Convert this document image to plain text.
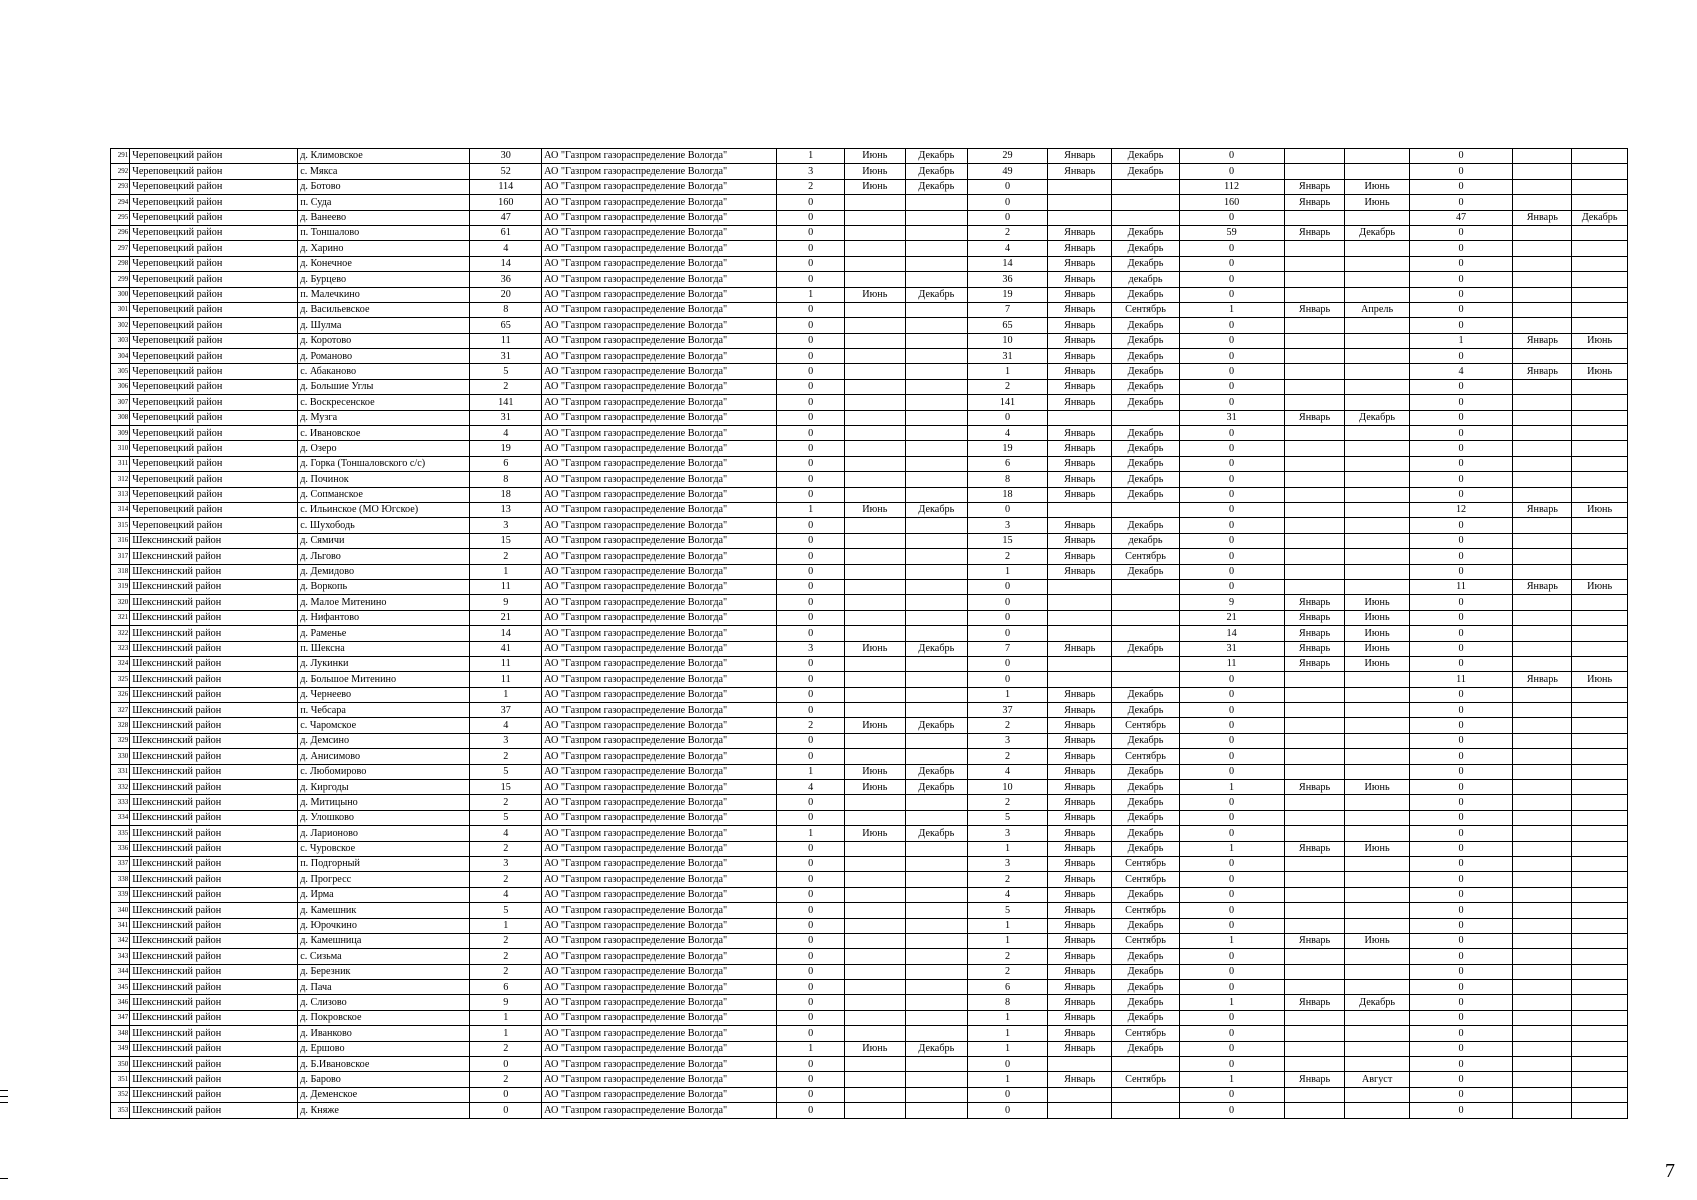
291	Череповецкий район	д. Климовское	30	АО "Газпром газораспределение Вологда"	1	Июнь	Декабрь	29	Январь	Декабрь	0			0		
292	Череповецкий район	с. Мякса	52	АО "Газпром газораспределение Вологда"	3	Июнь	Декабрь	49	Январь	Декабрь	0			0		
293	Череповецкий район	д. Ботово	114	АО "Газпром газораспределение Вологда"	2	Июнь	Декабрь	0			112	Январь	Июнь	0		
294	Череповецкий район	п. Суда	160	АО "Газпром газораспределение Вологда"	0			0			160	Январь	Июнь	0		
295	Череповецкий район	д. Ванеево	47	АО "Газпром газораспределение Вологда"	0			0			0			47	Январь	Декабрь
296	Череповецкий район	п. Тоншалово	61	АО "Газпром газораспределение Вологда"	0			2	Январь	Декабрь	59	Январь	Декабрь	0		
297	Череповецкий район	д. Харино	4	АО "Газпром газораспределение Вологда"	0			4	Январь	Декабрь	0			0		
298	Череповецкий район	д. Конечное	14	АО "Газпром газораспределение Вологда"	0			14	Январь	Декабрь	0			0		
299	Череповецкий район	д. Бурцево	36	АО "Газпром газораспределение Вологда"	0			36	Январь	декабрь	0			0		
300	Череповецкий район	п. Малечкино	20	АО "Газпром газораспределение Вологда"	1	Июнь	Декабрь	19	Январь	Декабрь	0			0		
301	Череповецкий район	д. Васильевское	8	АО "Газпром газораспределение Вологда"	0			7	Январь	Сентябрь	1	Январь	Апрель	0		
302	Череповецкий район	д. Шулма	65	АО "Газпром газораспределение Вологда"	0			65	Январь	Декабрь	0			0		
303	Череповецкий район	д. Коротово	11	АО "Газпром газораспределение Вологда"	0			10	Январь	Декабрь	0			1	Январь	Июнь
304	Череповецкий район	д. Романово	31	АО "Газпром газораспределение Вологда"	0			31	Январь	Декабрь	0			0		
305	Череповецкий район	с. Абаканово	5	АО "Газпром газораспределение Вологда"	0			1	Январь	Декабрь	0			4	Январь	Июнь
306	Череповецкий район	д. Большие Углы	2	АО "Газпром газораспределение Вологда"	0			2	Январь	Декабрь	0			0		
307	Череповецкий район	с. Воскресенское	141	АО "Газпром газораспределение Вологда"	0			141	Январь	Декабрь	0			0		
308	Череповецкий район	д. Музга	31	АО "Газпром газораспределение Вологда"	0			0			31	Январь	Декабрь	0		
309	Череповецкий район	с. Ивановское	4	АО "Газпром газораспределение Вологда"	0			4	Январь	Декабрь	0			0		
310	Череповецкий район	д. Озеро	19	АО "Газпром газораспределение Вологда"	0			19	Январь	Декабрь	0			0		
311	Череповецкий район	д. Горка (Тоншаловского с/с)	6	АО "Газпром газораспределение Вологда"	0			6	Январь	Декабрь	0			0		
312	Череповецкий район	д. Починок	8	АО "Газпром газораспределение Вологда"	0			8	Январь	Декабрь	0			0		
313	Череповецкий район	д. Сопманское	18	АО "Газпром газораспределение Вологда"	0			18	Январь	Декабрь	0			0		
314	Череповецкий район	с. Ильинское (МО Югское)	13	АО "Газпром газораспределение Вологда"	1	Июнь	Декабрь	0			0			12	Январь	Июнь
315	Череповецкий район	с. Шухободь	3	АО "Газпром газораспределение Вологда"	0			3	Январь	Декабрь	0			0		
316	Шекснинский район	д. Сямичи	15	АО "Газпром газораспределение Вологда"	0			15	Январь	декабрь	0			0		
317	Шекснинский район	д. Льгово	2	АО "Газпром газораспределение Вологда"	0			2	Январь	Сентябрь	0			0		
318	Шекснинский район	д. Демидово	1	АО "Газпром газораспределение Вологда"	0			1	Январь	Декабрь	0			0		
319	Шекснинский район	д. Воркопь	11	АО "Газпром газораспределение Вологда"	0			0			0			11	Январь	Июнь
320	Шекснинский район	д. Малое Митенино	9	АО "Газпром газораспределение Вологда"	0			0			9	Январь	Июнь	0		
321	Шекснинский район	д. Нифантово	21	АО "Газпром газораспределение Вологда"	0			0			21	Январь	Июнь	0		
322	Шекснинский район	д. Раменье	14	АО "Газпром газораспределение Вологда"	0			0			14	Январь	Июнь	0		
323	Шекснинский район	п. Шексна	41	АО "Газпром газораспределение Вологда"	3	Июнь	Декабрь	7	Январь	Декабрь	31	Январь	Июнь	0		
324	Шекснинский район	д. Лукинки	11	АО "Газпром газораспределение Вологда"	0			0			11	Январь	Июнь	0		
325	Шекснинский район	д. Большое Митенино	11	АО "Газпром газораспределение Вологда"	0			0			0			11	Январь	Июнь
326	Шекснинский район	д. Чернеево	1	АО "Газпром газораспределение Вологда"	0			1	Январь	Декабрь	0			0		
327	Шекснинский район	п. Чебсара	37	АО "Газпром газораспределение Вологда"	0			37	Январь	Декабрь	0			0		
328	Шекснинский район	с. Чаромское	4	АО "Газпром газораспределение Вологда"	2	Июнь	Декабрь	2	Январь	Сентябрь	0			0		
329	Шекснинский район	д. Демсино	3	АО "Газпром газораспределение Вологда"	0			3	Январь	Декабрь	0			0		
330	Шекснинский район	д. Анисимово	2	АО "Газпром газораспределение Вологда"	0			2	Январь	Сентябрь	0			0		
331	Шекснинский район	с. Любомирово	5	АО "Газпром газораспределение Вологда"	1	Июнь	Декабрь	4	Январь	Декабрь	0			0		
332	Шекснинский район	д. Киргоды	15	АО "Газпром газораспределение Вологда"	4	Июнь	Декабрь	10	Январь	Декабрь	1	Январь	Июнь	0		
333	Шекснинский район	д. Митицыно	2	АО "Газпром газораспределение Вологда"	0			2	Январь	Декабрь	0			0		
334	Шекснинский район	д. Улошково	5	АО "Газпром газораспределение Вологда"	0			5	Январь	Декабрь	0			0		
335	Шекснинский район	д. Ларионово	4	АО "Газпром газораспределение Вологда"	1	Июнь	Декабрь	3	Январь	Декабрь	0			0		
336	Шекснинский район	с. Чуровское	2	АО "Газпром газораспределение Вологда"	0			1	Январь	Декабрь	1	Январь	Июнь	0		
337	Шекснинский район	п. Подгорный	3	АО "Газпром газораспределение Вологда"	0			3	Январь	Сентябрь	0			0		
338	Шекснинский район	д. Прогресс	2	АО "Газпром газораспределение Вологда"	0			2	Январь	Сентябрь	0			0		
339	Шекснинский район	д. Ирма	4	АО "Газпром газораспределение Вологда"	0			4	Январь	Декабрь	0			0		
340	Шекснинский район	д. Камешник	5	АО "Газпром газораспределение Вологда"	0			5	Январь	Сентябрь	0			0		
341	Шекснинский район	д. Юрочкино	1	АО "Газпром газораспределение Вологда"	0			1	Январь	Декабрь	0			0		
342	Шекснинский район	д. Камешница	2	АО "Газпром газораспределение Вологда"	0			1	Январь	Сентябрь	1	Январь	Июнь	0		
343	Шекснинский район	с. Сизьма	2	АО "Газпром газораспределение Вологда"	0			2	Январь	Декабрь	0			0		
344	Шекснинский район	д. Березник	2	АО "Газпром газораспределение Вологда"	0			2	Январь	Декабрь	0			0		
345	Шекснинский район	д. Пача	6	АО "Газпром газораспределение Вологда"	0			6	Январь	Декабрь	0			0		
346	Шекснинский район	д. Слизово	9	АО "Газпром газораспределение Вологда"	0			8	Январь	Декабрь	1	Январь	Декабрь	0		
347	Шекснинский район	д. Покровское	1	АО "Газпром газораспределение Вологда"	0			1	Январь	Декабрь	0			0		
348	Шекснинский район	д. Иванково	1	АО "Газпром газораспределение Вологда"	0			1	Январь	Сентябрь	0			0		
349	Шекснинский район	д. Ершово	2	АО "Газпром газораспределение Вологда"	1	Июнь	Декабрь	1	Январь	Декабрь	0			0		
350	Шекснинский район	д. Б.Ивановское	0	АО "Газпром газораспределение Вологда"	0			0			0			0		
351	Шекснинский район	д. Барово	2	АО "Газпром газораспределение Вологда"	0			1	Январь	Сентябрь	1	Январь	Август	0		
352	Шекснинский район	д. Деменское	0	АО "Газпром газораспределение Вологда"	0			0			0			0		
353	Шекснинский район	д. Княже	0	АО "Газпром газораспределение Вологда"	0			0			0			0		
7
